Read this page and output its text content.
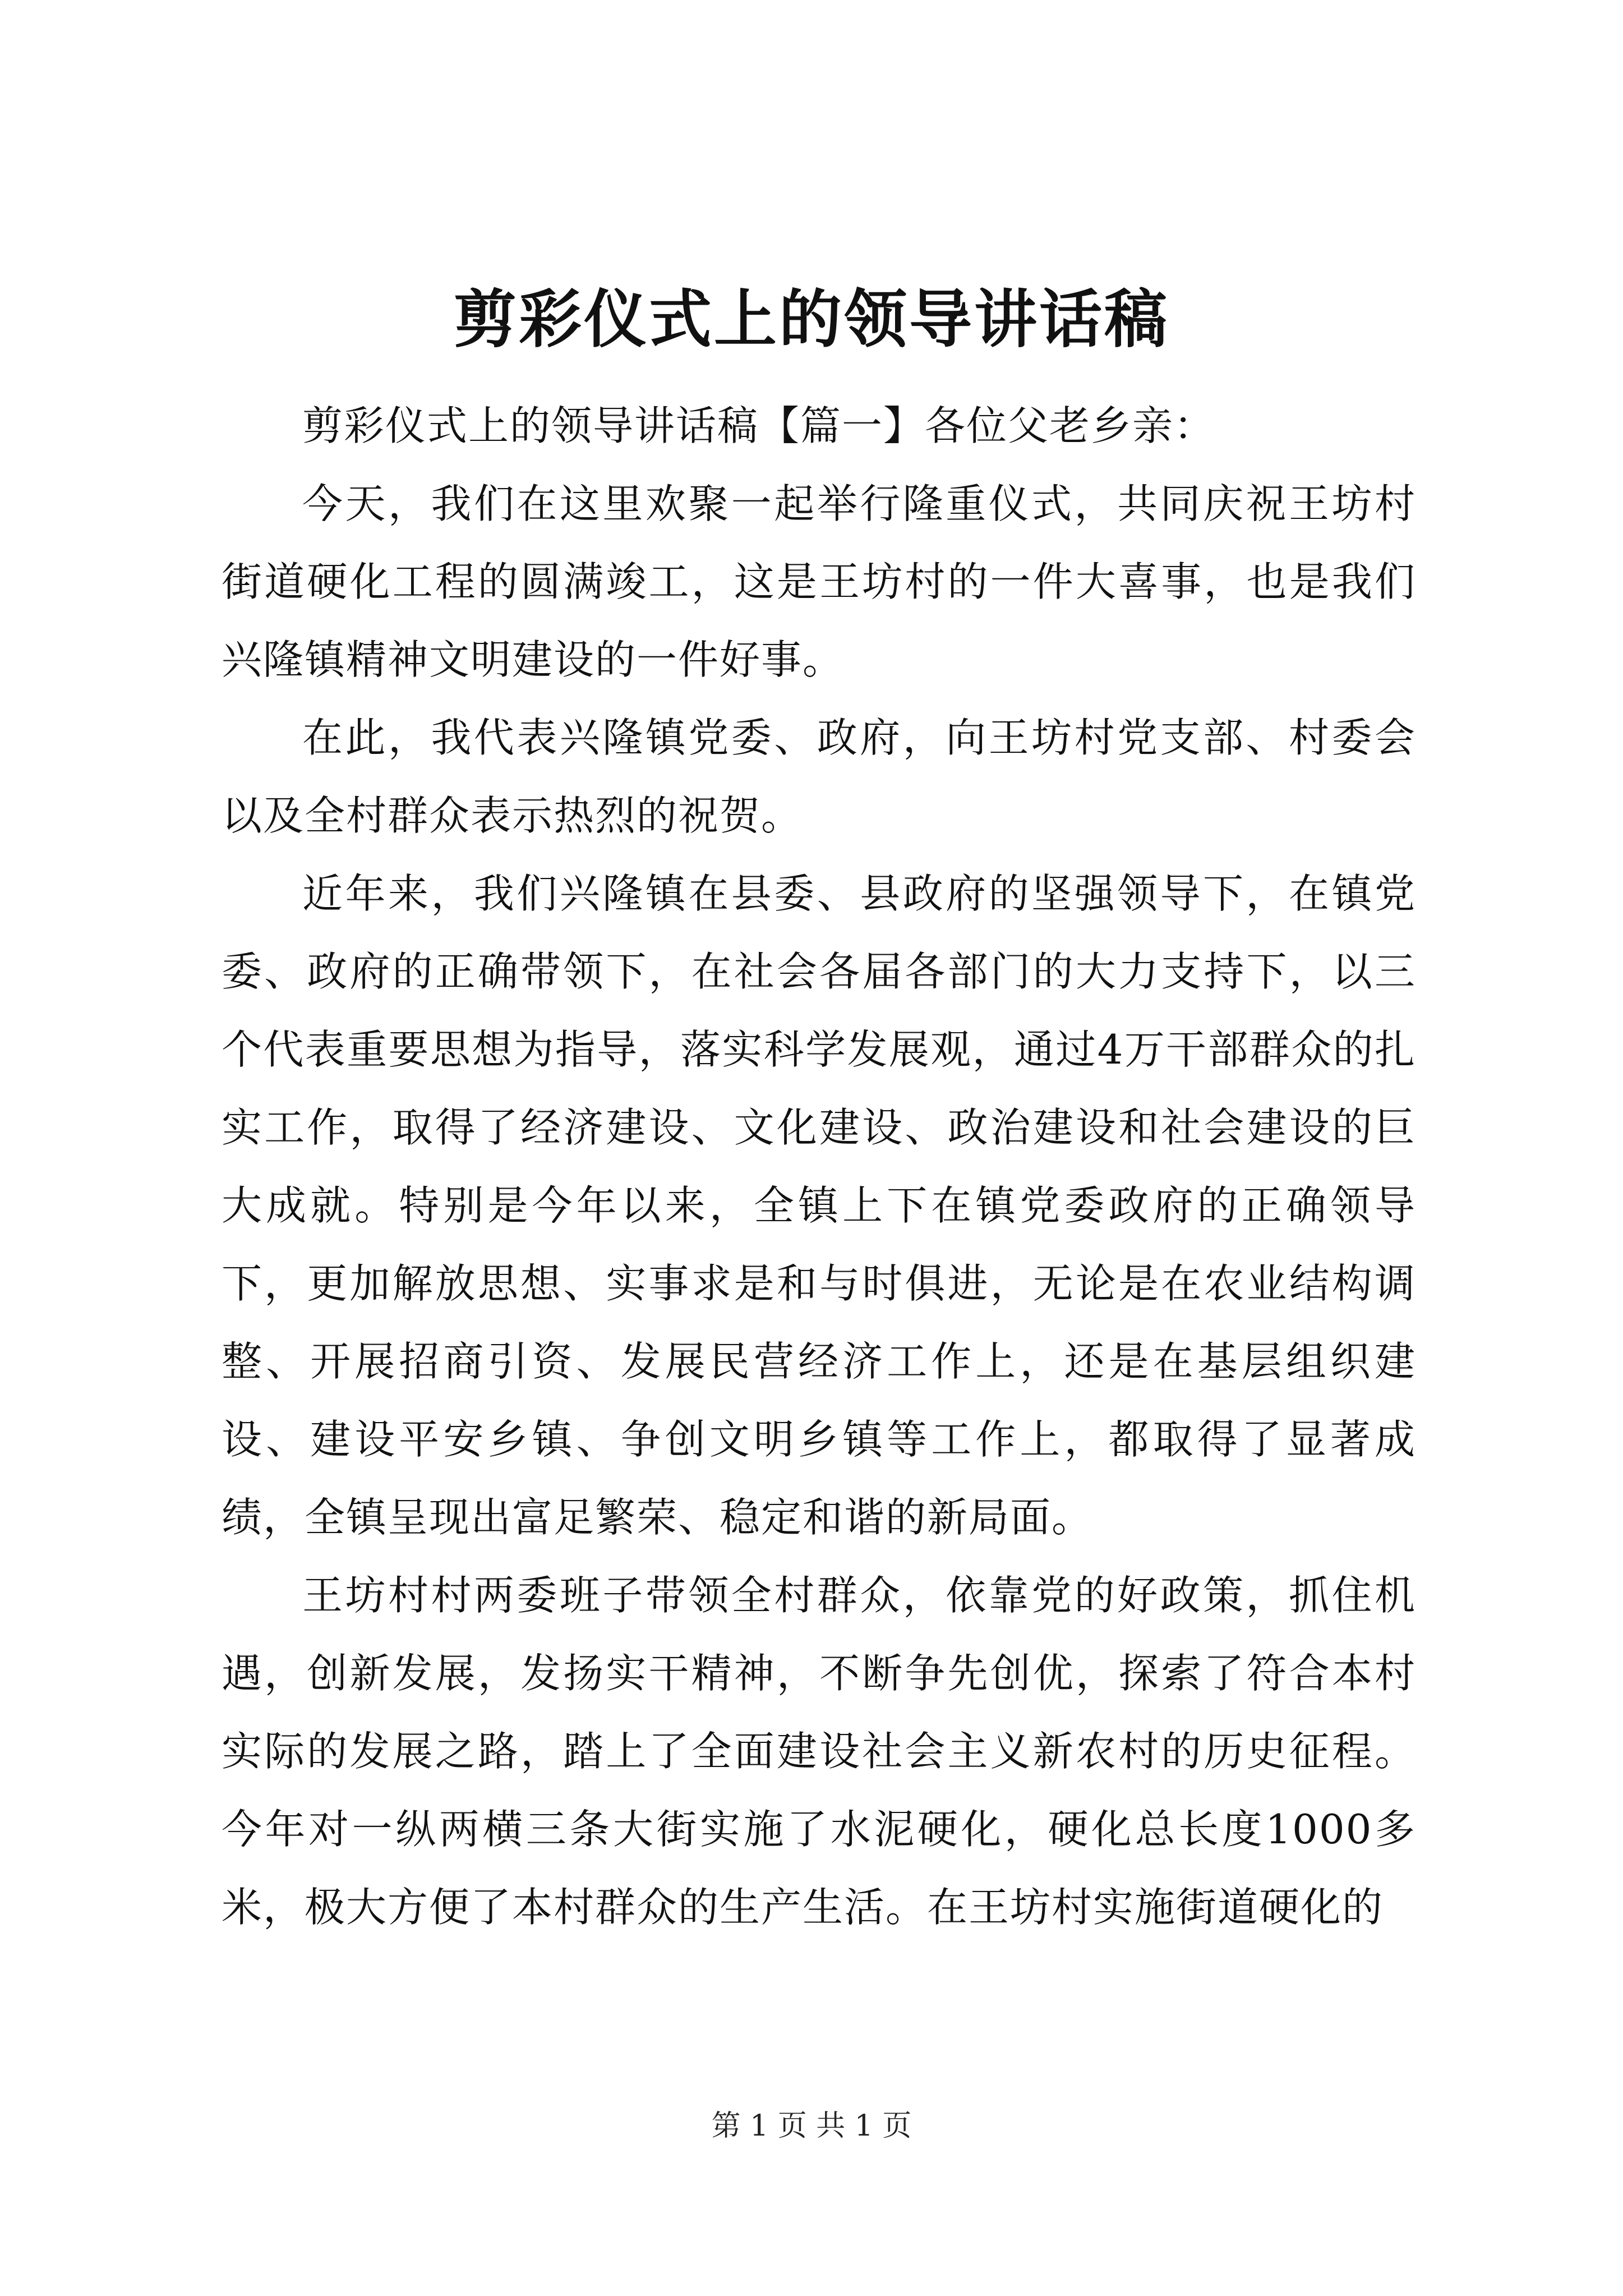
剪彩仪式上的领导讲话稿

剪彩仪式上的领导讲话稿【篇一】各位父老乡亲：

今天，我们在这里欢聚一起举行隆重仪式，共同庆祝王坊村街道硬化工程的圆满竣工，这是王坊村的一件大喜事，也是我们兴隆镇精神文明建设的一件好事。

在此，我代表兴隆镇党委、政府，向王坊村党支部、村委会以及全村群众表示热烈的祝贺。

近年来，我们兴隆镇在县委、县政府的坚强领导下，在镇党委、政府的正确带领下，在社会各届各部门的大力支持下，以三个代表重要思想为指导，落实科学发展观，通过4万干部群众的扎实工作，取得了经济建设、文化建设、政治建设和社会建设的巨大成就。特别是今年以来，全镇上下在镇党委政府的正确领导下，更加解放思想、实事求是和与时俱进，无论是在农业结构调整、开展招商引资、发展民营经济工作上，还是在基层组织建设、建设平安乡镇、争创文明乡镇等工作上，都取得了显著成绩，全镇呈现出富足繁荣、稳定和谐的新局面。

王坊村村两委班子带领全村群众，依靠党的好政策，抓住机遇，创新发展，发扬实干精神，不断争先创优，探索了符合本村实际的发展之路，踏上了全面建设社会主义新农村的历史征程。今年对一纵两横三条大街实施了水泥硬化，硬化总长度1000多米，极大方便了本村群众的生产生活。在王坊村实施街道硬化的

第 1 页 共 1 页
